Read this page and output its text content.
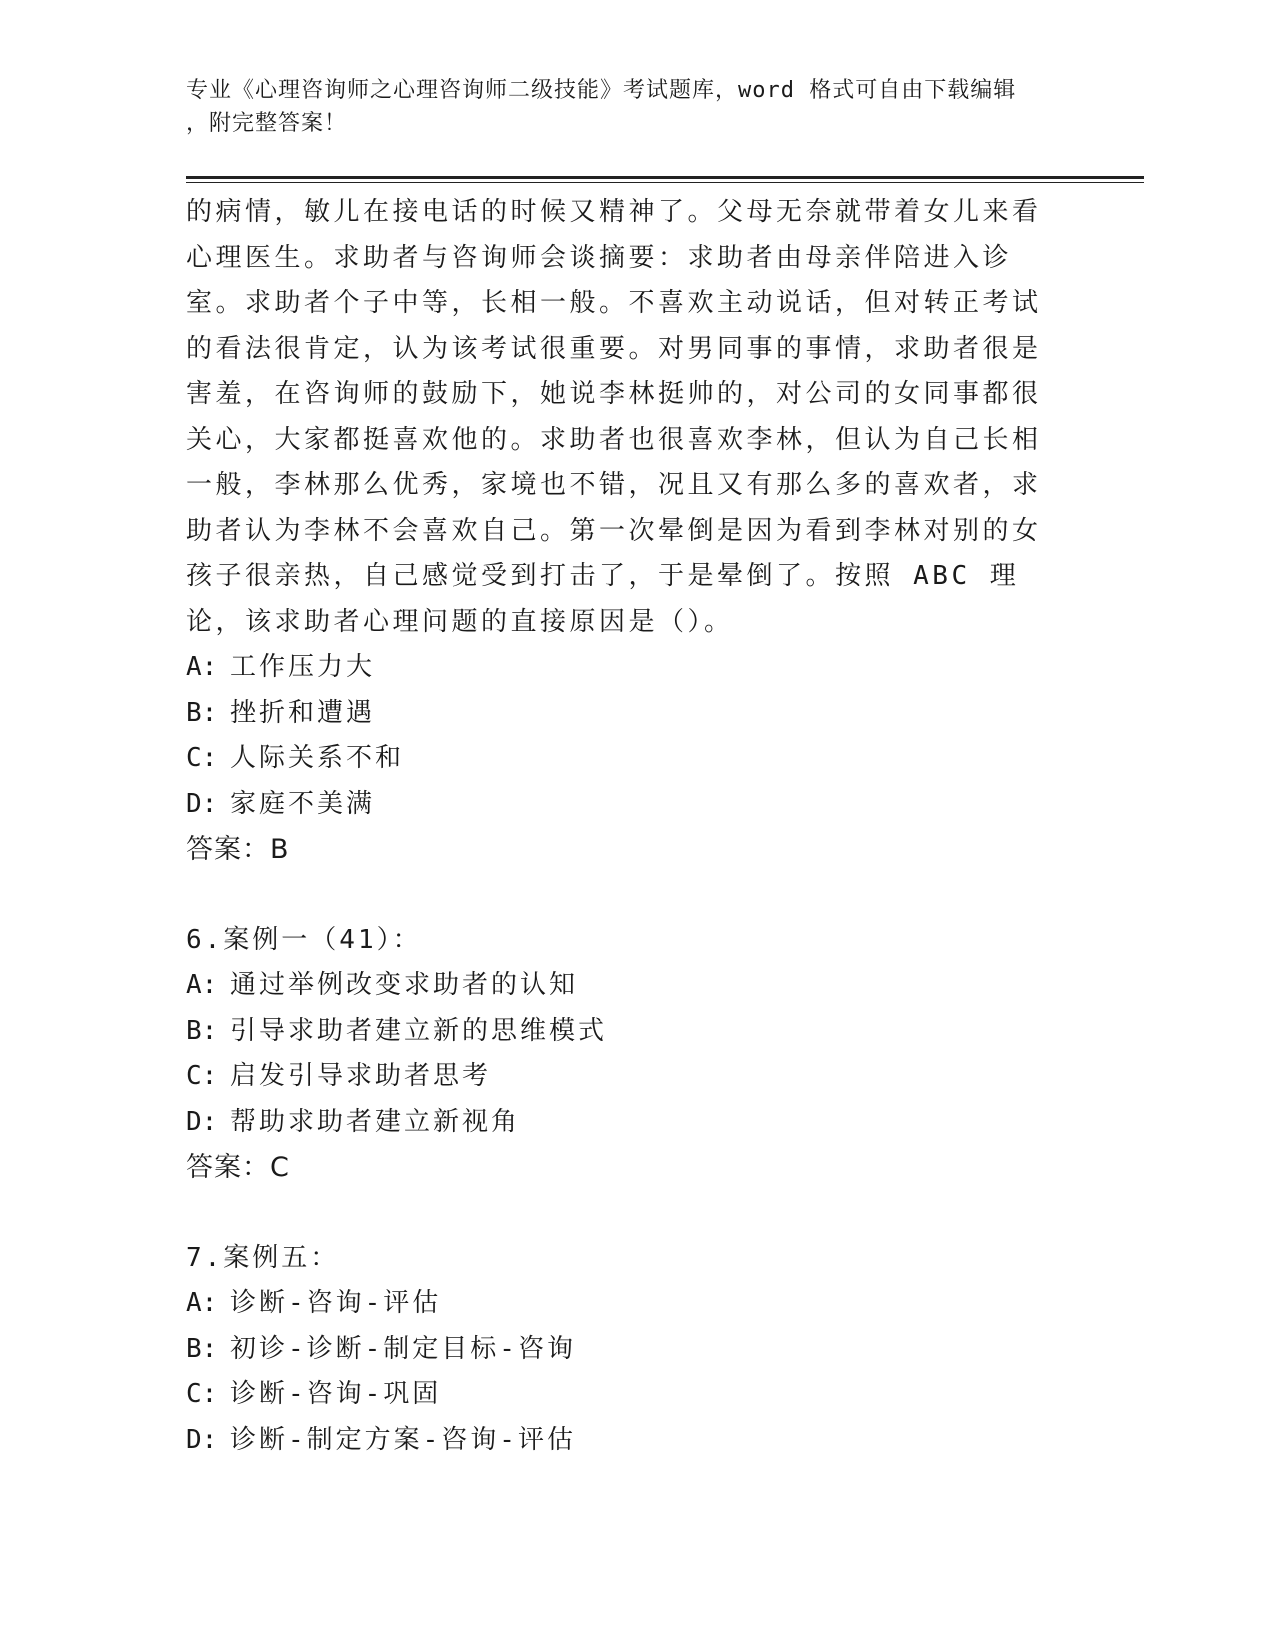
专业《心理咨询师之心理咨询师二级技能》考试题库，word 格式可自由下载编辑
，附完整答案！

的病情，敏儿在接电话的时候又精神了。父母无奈就带着女儿来看心理医生。求助者与咨询师会谈摘要：求助者由母亲伴陪进入诊室。求助者个子中等，长相一般。不喜欢主动说话，但对转正考试的看法很肯定，认为该考试很重要。对男同事的事情，求助者很是害羞，在咨询师的鼓励下，她说李林挺帅的，对公司的女同事都很关心，大家都挺喜欢他的。求助者也很喜欢李林，但认为自己长相一般，李林那么优秀，家境也不错，况且又有那么多的喜欢者，求助者认为李林不会喜欢自己。第一次晕倒是因为看到李林对别的女孩子很亲热，自己感觉受到打击了，于是晕倒了。按照 ABC 理论，该求助者心理问题的直接原因是（）。

A: 工作压力大

B: 挫折和遭遇

C: 人际关系不和

D: 家庭不美满

答案：B

6.案例一（41）：

A: 通过举例改变求助者的认知

B: 引导求助者建立新的思维模式

C: 启发引导求助者思考

D: 帮助求助者建立新视角

答案：C

7.案例五：

A: 诊断-咨询-评估

B: 初诊-诊断-制定目标-咨询

C: 诊断-咨询-巩固

D: 诊断-制定方案-咨询-评估
